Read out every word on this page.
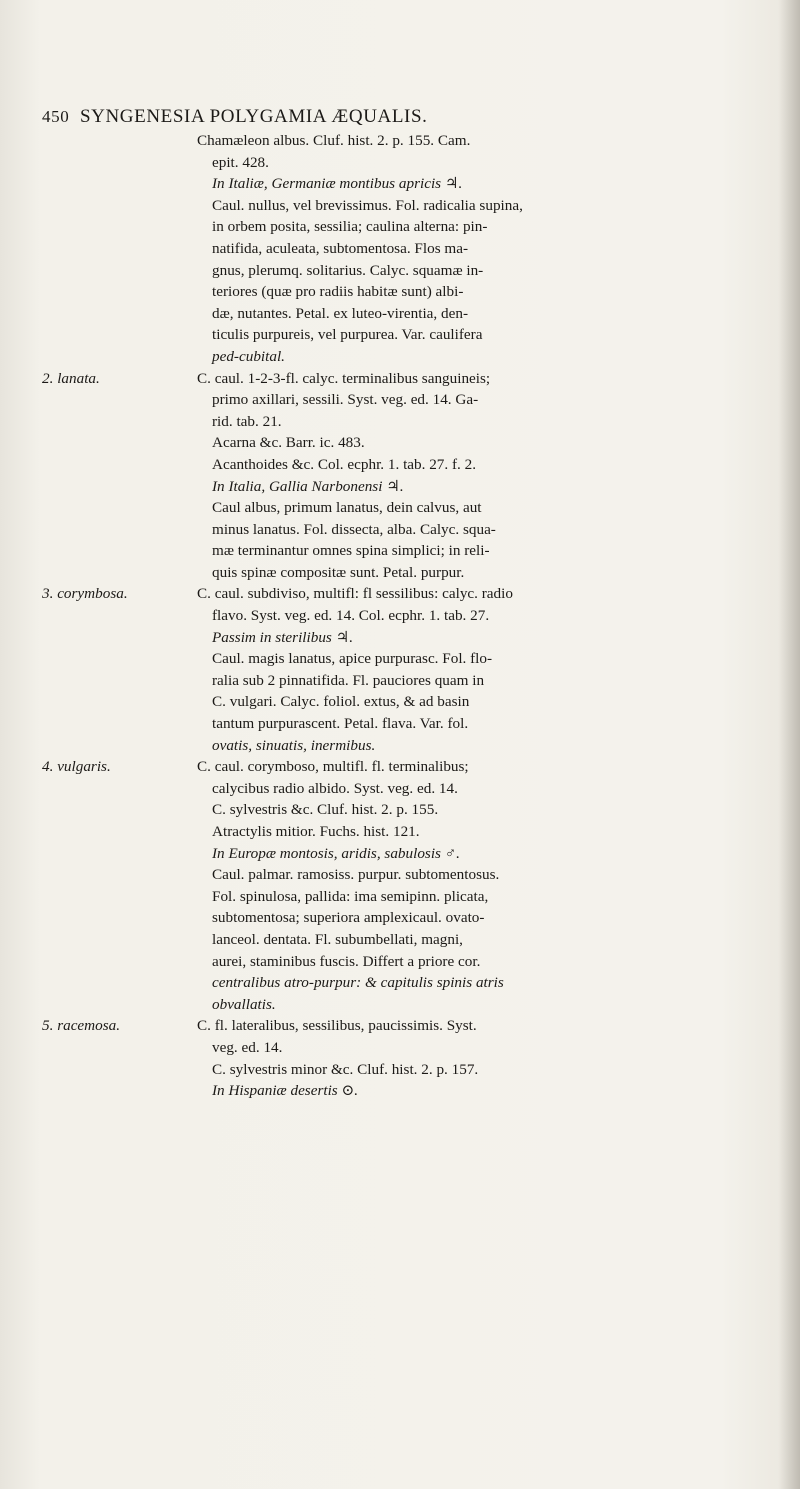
450 SYNGENESIA POLYGAMIA ÆQUALIS.
Chamæleon albus. Cluf. hist. 2. p. 155. Cam.
epit. 428.
In Italiæ, Germaniæ montibus apricis ♃.
Caul. nullus, vel brevissimus. Fol. radicalia supina,
in orbem posita, sessilia; caulina alterna: pin-
natifida, aculeata, subtomentosa. Flos ma-
gnus, plerumq. solitarius. Calyc. squamæ in-
teriores (quæ pro radiis habitæ sunt) albi-
dæ, nutantes. Petal. ex luteo-virentia, den-
ticulis purpureis, vel purpurea. Var. caulifera
ped-cubital.
2. lanata.	C. caul. 1-2-3-fl. calyc. terminalibus sanguineis;
primo axillari, sessili. Syst. veg. ed. 14. Ga-
rid. tab. 21.
Acarna &c. Barr. ic. 483.
Acanthoides &c. Col. ecphr. 1. tab. 27. f. 2.
In Italia, Gallia Narbonensi ♃.
Caul albus, primum lanatus, dein calvus, aut
minus lanatus. Fol. dissecta, alba. Calyc. squa-
mæ terminantur omnes spina simplici; in reli-
quis spinæ compositæ sunt. Petal. purpur.
3. corymbosa.	C. caul. subdiviso, multifl: fl sessilibus: calyc. radio
flavo. Syst. veg. ed. 14. Col. ecphr. 1. tab. 27.
Passim in sterilibus ♃.
Caul. magis lanatus, apice purpurasc. Fol. flo-
ralia sub 2 pinnatifida. Fl. pauciores quam in
C. vulgari. Calyc. foliol. extus, & ad basin
tantum purpurascent. Petal. flava. Var. fol.
ovatis, sinuatis, inermibus.
4. vulgaris.	C. caul. corymboso, multifl. fl. terminalibus;
calycibus radio albido. Syst. veg. ed. 14.
C. sylvestris &c. Cluf. hist. 2. p. 155.
Atractylis mitior. Fuchs. hist. 121.
In Europæ montosis, aridis, sabulosis ♂.
Caul. palmar. ramosiss. purpur. subtomentosus.
Fol. spinulosa, pallida: ima semipinn. plicata,
subtomentosa; superiora amplexicaul. ovato-
lanceol. dentata. Fl. subumbellati, magni,
aurei, staminibus fuscis. Differt a priore cor.
centralibus atro-purpur: & capitulis spinis atris
obvallatis.
5. racemosa.	C. fl. lateralibus, sessilibus, paucissimis. Syst.
veg. ed. 14.
C. sylvestris minor &c. Cluf. hist. 2. p. 157.
In Hispaniæ desertis ⊙.
